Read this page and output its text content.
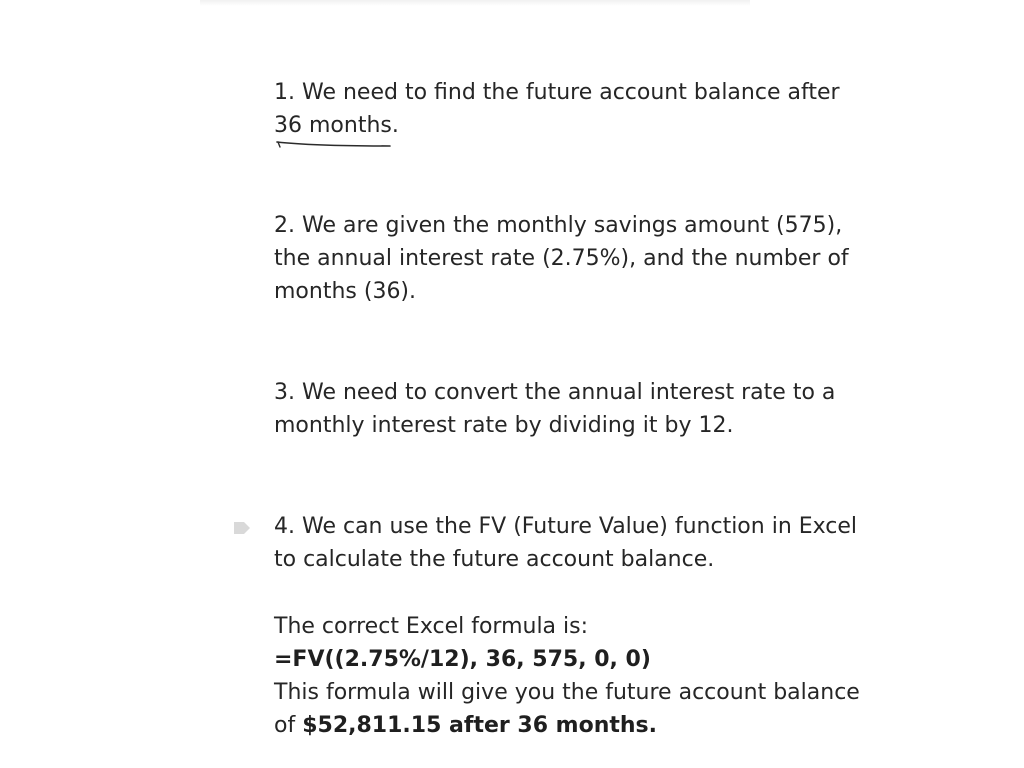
1. We need to find the future account balance after
36 months.
2. We are given the monthly savings amount (575),
the annual interest rate (2.75%), and the number of
months (36).
3. We need to convert the annual interest rate to a
monthly interest rate by dividing it by 12.
4. We can use the FV (Future Value) function in Excel
to calculate the future account balance.
The correct Excel formula is:
=FV((2.75%/12), 36, 575, 0, 0)
This formula will give you the future account balance
of $52,811.15 after 36 months.
